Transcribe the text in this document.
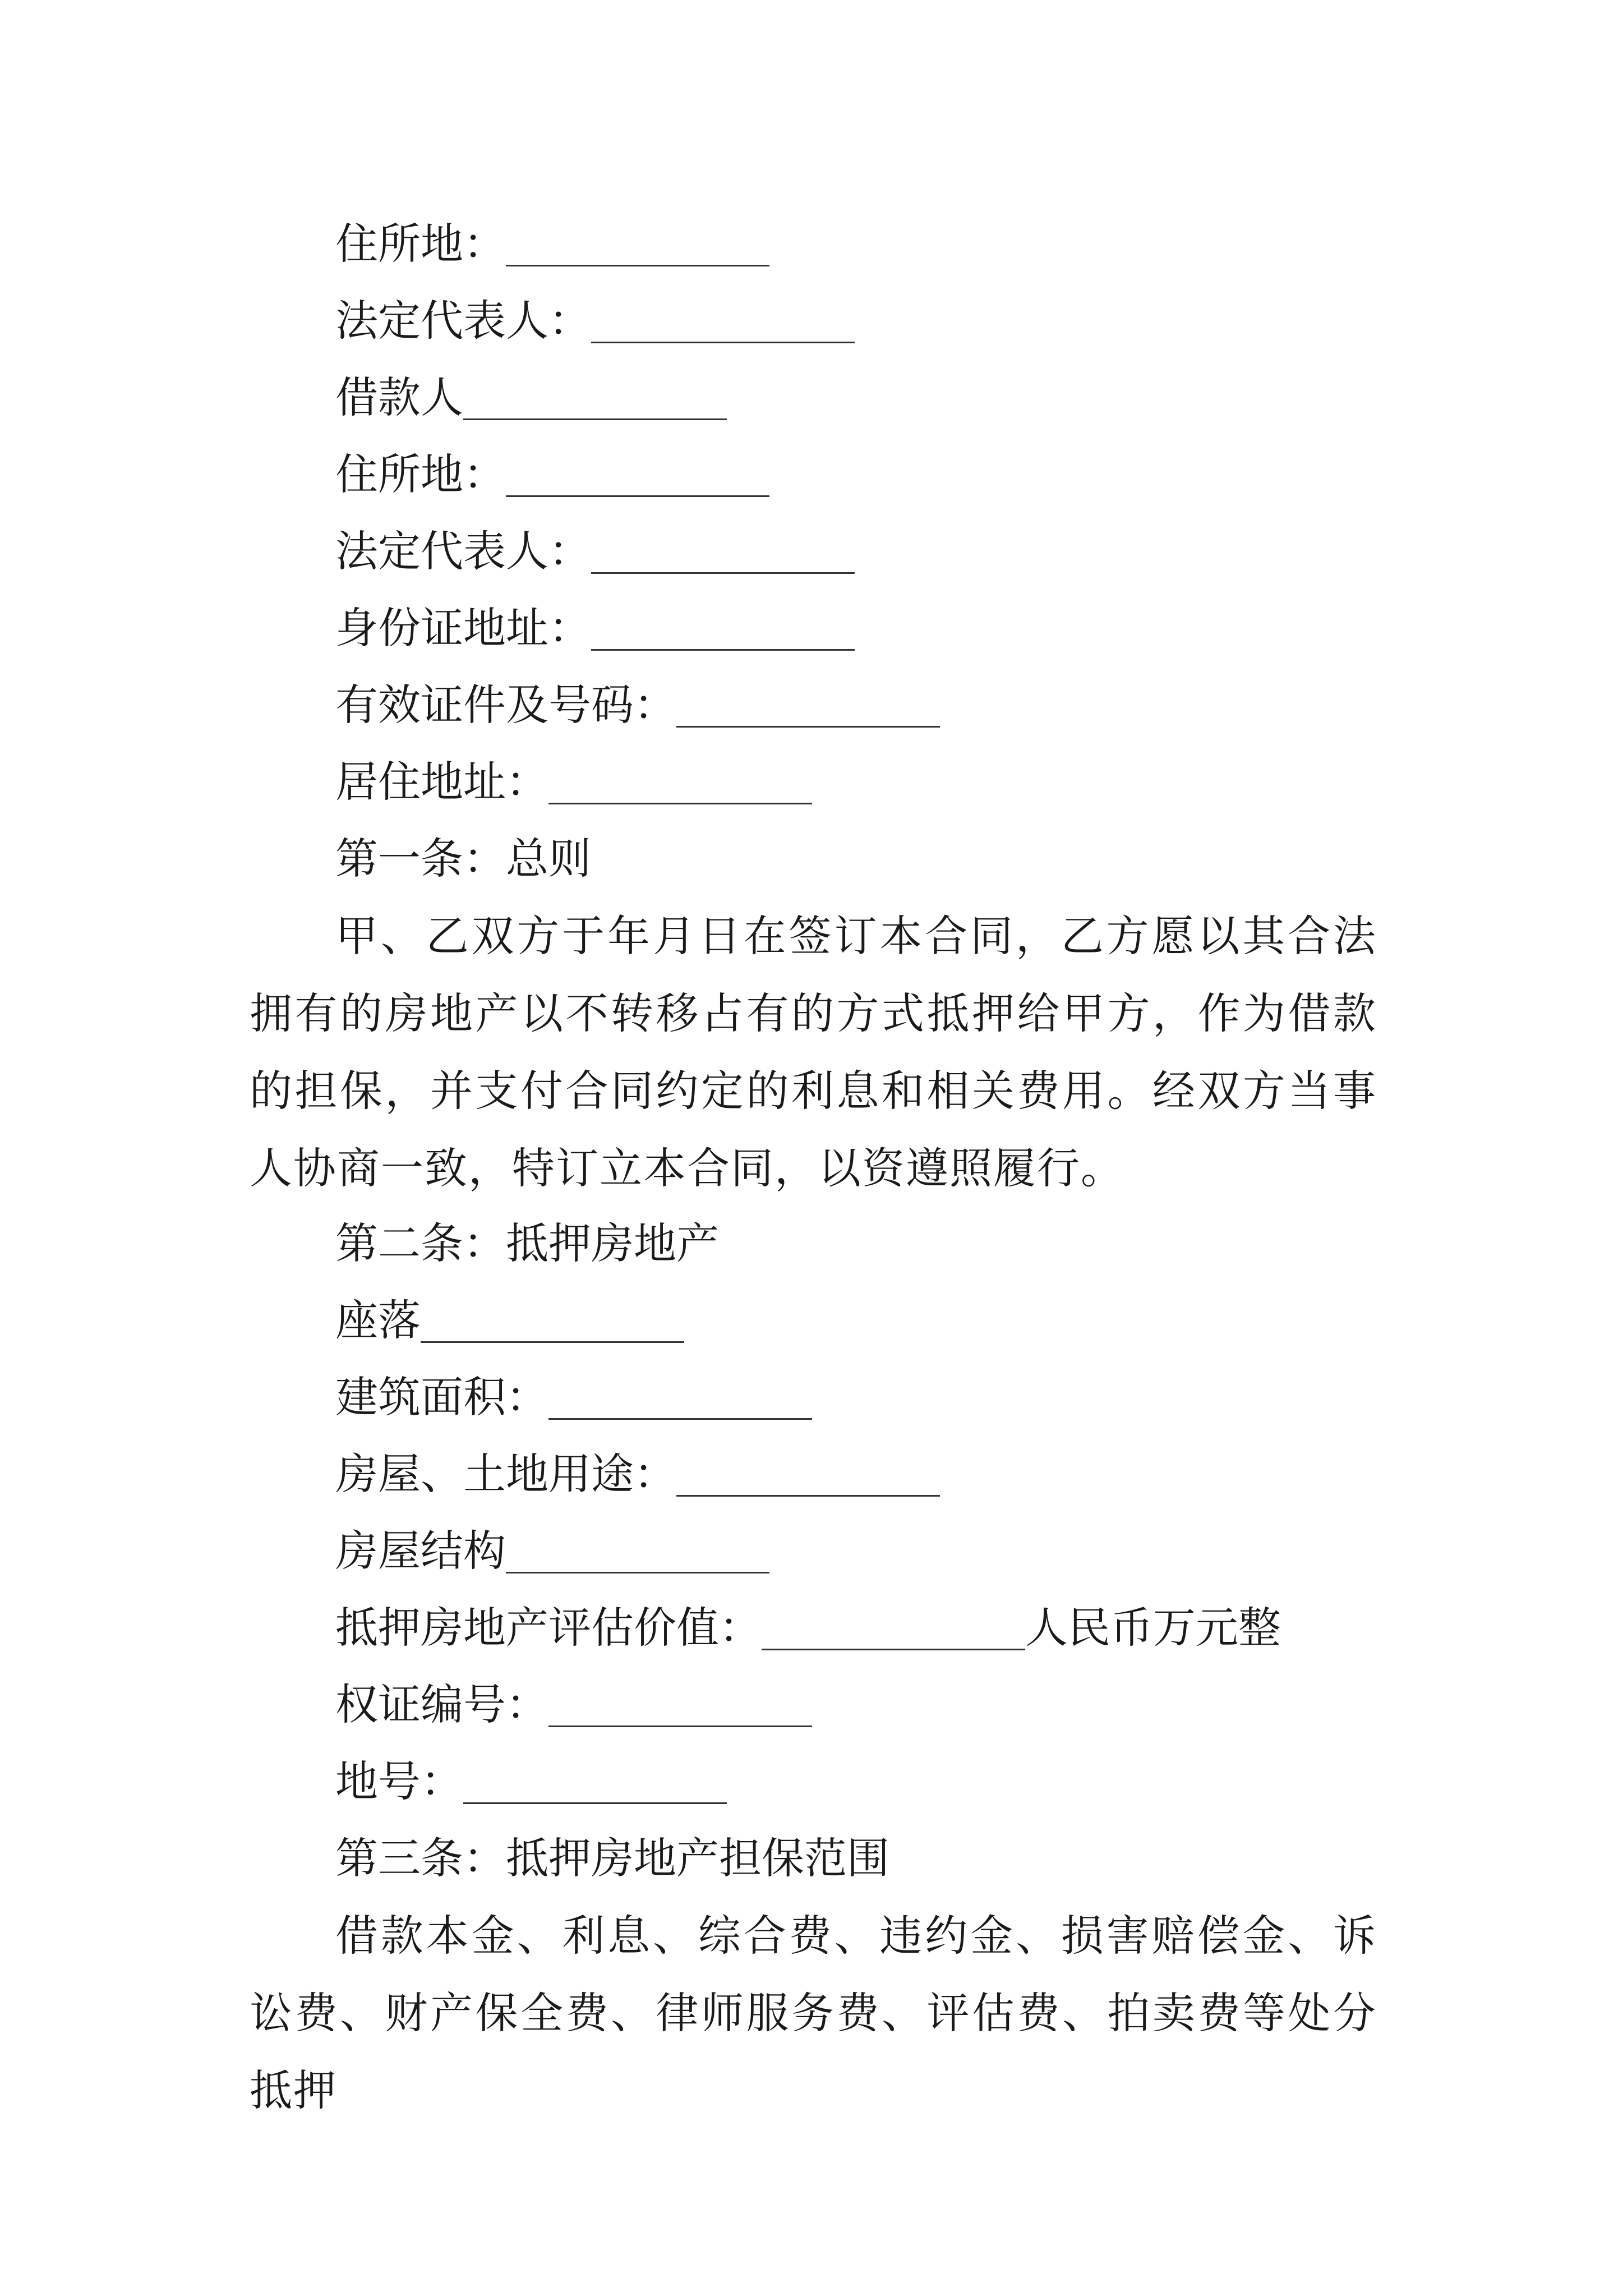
住所地：
法定代表人：
借款人
住所地：
法定代表人：
身份证地址：
有效证件及号码：
居住地址：
第一条：总则
甲、乙双方于年月日在签订本合同，乙方愿以其合法拥有的房地产以不转移占有的方式抵押给甲方，作为借款的担保，并支付合同约定的利息和相关费用。经双方当事人协商一致，特订立本合同，以资遵照履行。
第二条：抵押房地产
座落
建筑面积：
房屋、土地用途：
房屋结构
抵押房地产评估价值：	人民币万元整
权证编号：
地号：
第三条：抵押房地产担保范围
借款本金、利息、综合费、违约金、损害赔偿金、诉讼费、财产保全费、律师服务费、评估费、拍卖费等处分抵押
